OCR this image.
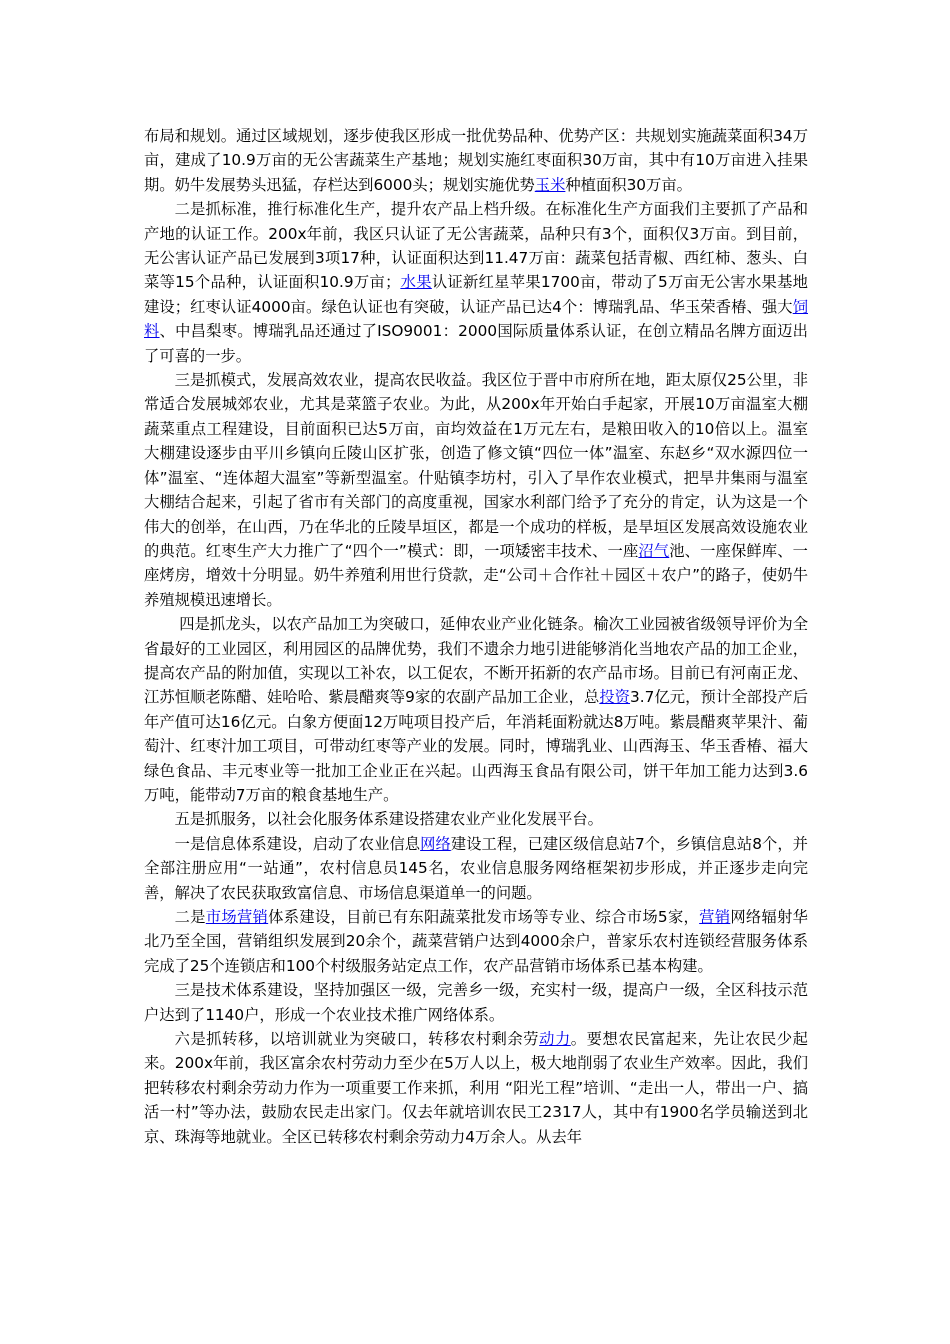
布局和规划。通过区域规划，逐步使我区形成一批优势品种、优势产区：共规划实施蔬菜面积34万亩，建成了10.9万亩的无公害蔬菜生产基地；规划实施红枣面积30万亩，其中有10万亩进入挂果期。奶牛发展势头迅猛，存栏达到6000头；规划实施优势玉米种植面积30万亩。

二是抓标准，推行标准化生产，提升农产品上档升级。在标准化生产方面我们主要抓了产品和产地的认证工作。200x年前，我区只认证了无公害蔬菜，品种只有3个，面积仅3万亩。到目前，无公害认证产品已发展到3项17种，认证面积达到11.47万亩：蔬菜包括青椒、西红柿、葱头、白菜等15个品种，认证面积10.9万亩；水果认证新红星苹果1700亩，带动了5万亩无公害水果基地建设；红枣认证4000亩。绿色认证也有突破，认证产品已达4个：博瑞乳品、华玉荣香椿、强大饲料、中昌梨枣。博瑞乳品还通过了ISO9001：2000国际质量体系认证，在创立精品名牌方面迈出了可喜的一步。

三是抓模式，发展高效农业，提高农民收益。我区位于晋中市府所在地，距太原仅25公里，非常适合发展城郊农业，尤其是菜篮子农业。为此，从200x年开始白手起家，开展10万亩温室大棚蔬菜重点工程建设，目前面积已达5万亩，亩均效益在1万元左右，是粮田收入的10倍以上。温室大棚建设逐步由平川乡镇向丘陵山区扩张，创造了修文镇“四位一体”温室、东赵乡“双水源四位一体”温室、“连体超大温室”等新型温室。什贴镇李坊村，引入了旱作农业模式，把旱井集雨与温室大棚结合起来，引起了省市有关部门的高度重视，国家水利部门给予了充分的肯定，认为这是一个伟大的创举，在山西，乃在华北的丘陵旱垣区，都是一个成功的样板，是旱垣区发展高效设施农业的典范。红枣生产大力推广了“四个一”模式：即，一项矮密丰技术、一座沼气池、一座保鲜库、一座烤房，增效十分明显。奶牛养殖利用世行贷款，走“公司＋合作社＋园区＋农户”的路子，使奶牛养殖规模迅速增长。

四是抓龙头，以农产品加工为突破口，延伸农业产业化链条。榆次工业园被省级领导评价为全省最好的工业园区，利用园区的品牌优势，我们不遗余力地引进能够消化当地农产品的加工企业，提高农产品的附加值，实现以工补农，以工促农，不断开拓新的农产品市场。目前已有河南正龙、江苏恒顺老陈醋、娃哈哈、紫晨醋爽等9家的农副产品加工企业，总投资3.7亿元，预计全部投产后年产值可达16亿元。白象方便面12万吨项目投产后，年消耗面粉就达8万吨。紫晨醋爽苹果汁、葡萄汁、红枣汁加工项目，可带动红枣等产业的发展。同时，博瑞乳业、山西海玉、华玉香椿、福大绿色食品、丰元枣业等一批加工企业正在兴起。山西海玉食品有限公司，饼干年加工能力达到3.6万吨，能带动7万亩的粮食基地生产。

五是抓服务，以社会化服务体系建设搭建农业产业化发展平台。

一是信息体系建设，启动了农业信息网络建设工程，已建区级信息站7个，乡镇信息站8个，并全部注册应用“一站通”，农村信息员145名，农业信息服务网络框架初步形成，并正逐步走向完善，解决了农民获取致富信息、市场信息渠道单一的问题。

二是市场营销体系建设，目前已有东阳蔬菜批发市场等专业、综合市场5家，营销网络辐射华北乃至全国，营销组织发展到20余个，蔬菜营销户达到4000余户，普家乐农村连锁经营服务体系完成了25个连锁店和100个村级服务站定点工作，农产品营销市场体系已基本构建。

三是技术体系建设，坚持加强区一级，完善乡一级，充实村一级，提高户一级，全区科技示范户达到了1140户，形成一个农业技术推广网络体系。

六是抓转移，以培训就业为突破口，转移农村剩余劳动力。要想农民富起来，先让农民少起来。200x年前，我区富余农村劳动力至少在5万人以上，极大地削弱了农业生产效率。因此，我们把转移农村剩余劳动力作为一项重要工作来抓，利用 “阳光工程”培训、“走出一人，带出一户、搞活一村”等办法，鼓励农民走出家门。仅去年就培训农民工2317人，其中有1900名学员输送到北京、珠海等地就业。全区已转移农村剩余劳动力4万余人。从去年
